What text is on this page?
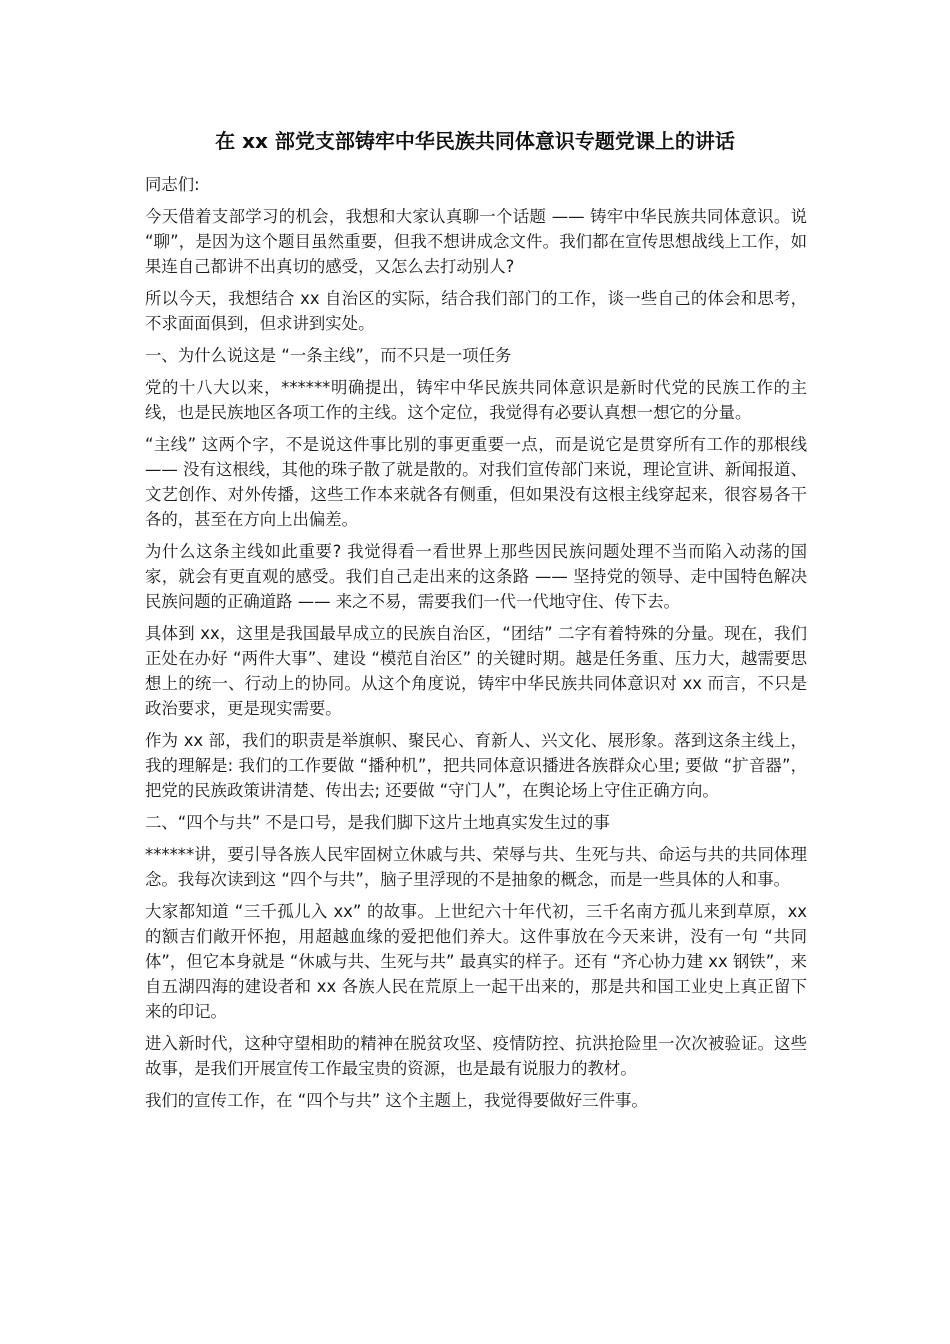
在 xx 部党支部铸牢中华民族共同体意识专题党课上的讲话

同志们:

今天借着支部学习的机会，我想和大家认真聊一个话题 —— 铸牢中华民族共同体意识。说 “聊”，是因为这个题目虽然重要，但我不想讲成念文件。我们都在宣传思想战线上工作，如果连自己都讲不出真切的感受，又怎么去打动别人?

所以今天，我想结合 xx 自治区的实际，结合我们部门的工作，谈一些自己的体会和思考，不求面面俱到，但求讲到实处。

一、为什么说这是 “一条主线”，而不只是一项任务

党的十八大以来，******明确提出，铸牢中华民族共同体意识是新时代党的民族工作的主线，也是民族地区各项工作的主线。这个定位，我觉得有必要认真想一想它的分量。

“主线” 这两个字，不是说这件事比别的事更重要一点，而是说它是贯穿所有工作的那根线 —— 没有这根线，其他的珠子散了就是散的。对我们宣传部门来说，理论宣讲、新闻报道、文艺创作、对外传播，这些工作本来就各有侧重，但如果没有这根主线穿起来，很容易各干各的，甚至在方向上出偏差。

为什么这条主线如此重要? 我觉得看一看世界上那些因民族问题处理不当而陷入动荡的国家，就会有更直观的感受。我们自己走出来的这条路 —— 坚持党的领导、走中国特色解决民族问题的正确道路 —— 来之不易，需要我们一代一代地守住、传下去。

具体到 xx，这里是我国最早成立的民族自治区，“团结” 二字有着特殊的分量。现在，我们正处在办好 “两件大事”、建设 “模范自治区” 的关键时期。越是任务重、压力大，越需要思想上的统一、行动上的协同。从这个角度说，铸牢中华民族共同体意识对 xx 而言，不只是政治要求，更是现实需要。

作为 xx 部，我们的职责是举旗帜、聚民心、育新人、兴文化、展形象。落到这条主线上，我的理解是: 我们的工作要做 “播种机”，把共同体意识播进各族群众心里; 要做 “扩音器”，把党的民族政策讲清楚、传出去; 还要做 “守门人”，在舆论场上守住正确方向。

二、“四个与共” 不是口号，是我们脚下这片土地真实发生过的事

******讲，要引导各族人民牢固树立休戚与共、荣辱与共、生死与共、命运与共的共同体理念。我每次读到这 “四个与共”，脑子里浮现的不是抽象的概念，而是一些具体的人和事。

大家都知道 “三千孤儿入 xx” 的故事。上世纪六十年代初，三千名南方孤儿来到草原，xx 的额吉们敞开怀抱，用超越血缘的爱把他们养大。这件事放在今天来讲，没有一句 “共同体”，但它本身就是 “休戚与共、生死与共” 最真实的样子。还有 “齐心协力建 xx 钢铁”，来自五湖四海的建设者和 xx 各族人民在荒原上一起干出来的，那是共和国工业史上真正留下来的印记。

进入新时代，这种守望相助的精神在脱贫攻坚、疫情防控、抗洪抢险里一次次被验证。这些故事，是我们开展宣传工作最宝贵的资源，也是最有说服力的教材。

我们的宣传工作，在 “四个与共” 这个主题上，我觉得要做好三件事。
